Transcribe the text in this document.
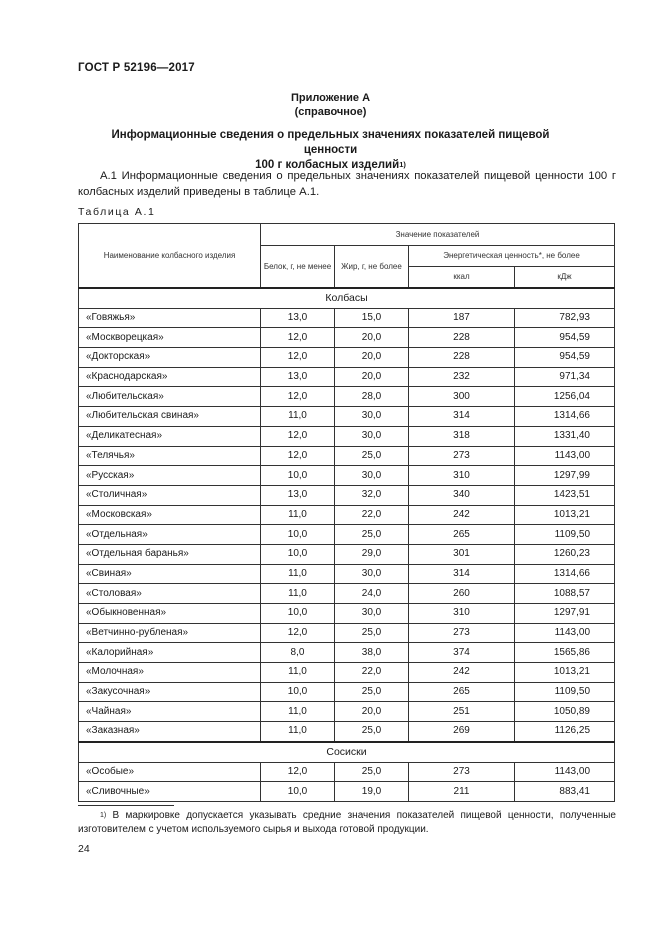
ГОСТ Р 52196—2017
Приложение А
(справочное)
Информационные сведения о предельных значениях показателей пищевой ценности
100 г колбасных изделий$^{1)}$
А.1 Информационные сведения о предельных значениях показателей пищевой ценности 100 г колбасных изделий приведены в таблице А.1.
Таблица А.1
Наименование колбасного изделия	Значение показателей			
	Белок, г, не менее	Жир, г, не более	Энергетическая ценность*, не более	
			ккал	кДж
Колбасы				
«Говяжья»	13,0	15,0	187	782,93
«Москворецкая»	12,0	20,0	228	954,59
«Докторская»	12,0	20,0	228	954,59
«Краснодарская»	13,0	20,0	232	971,34
«Любительская»	12,0	28,0	300	1256,04
«Любительская свиная»	11,0	30,0	314	1314,66
«Деликатесная»	12,0	30,0	318	1331,40
«Телячья»	12,0	25,0	273	1143,00
«Русская»	10,0	30,0	310	1297,99
«Столичная»	13,0	32,0	340	1423,51
«Московская»	11,0	22,0	242	1013,21
«Отдельная»	10,0	25,0	265	1109,50
«Отдельная баранья»	10,0	29,0	301	1260,23
«Свиная»	11,0	30,0	314	1314,66
«Столовая»	11,0	24,0	260	1088,57
«Обыкновенная»	10,0	30,0	310	1297,91
«Ветчинно-рубленая»	12,0	25,0	273	1143,00
«Калорийная»	8,0	38,0	374	1565,86
«Молочная»	11,0	22,0	242	1013,21
«Закусочная»	10,0	25,0	265	1109,50
«Чайная»	11,0	20,0	251	1050,89
«Заказная»	11,0	25,0	269	1126,25
Сосиски				
«Особые»	12,0	25,0	273	1143,00
«Сливочные»	10,0	19,0	211	883,41
$^{1)}$ В маркировке допускается указывать средние значения показателей пищевой ценности, полученные изготовителем с учетом используемого сырья и выхода готовой продукции.
24
